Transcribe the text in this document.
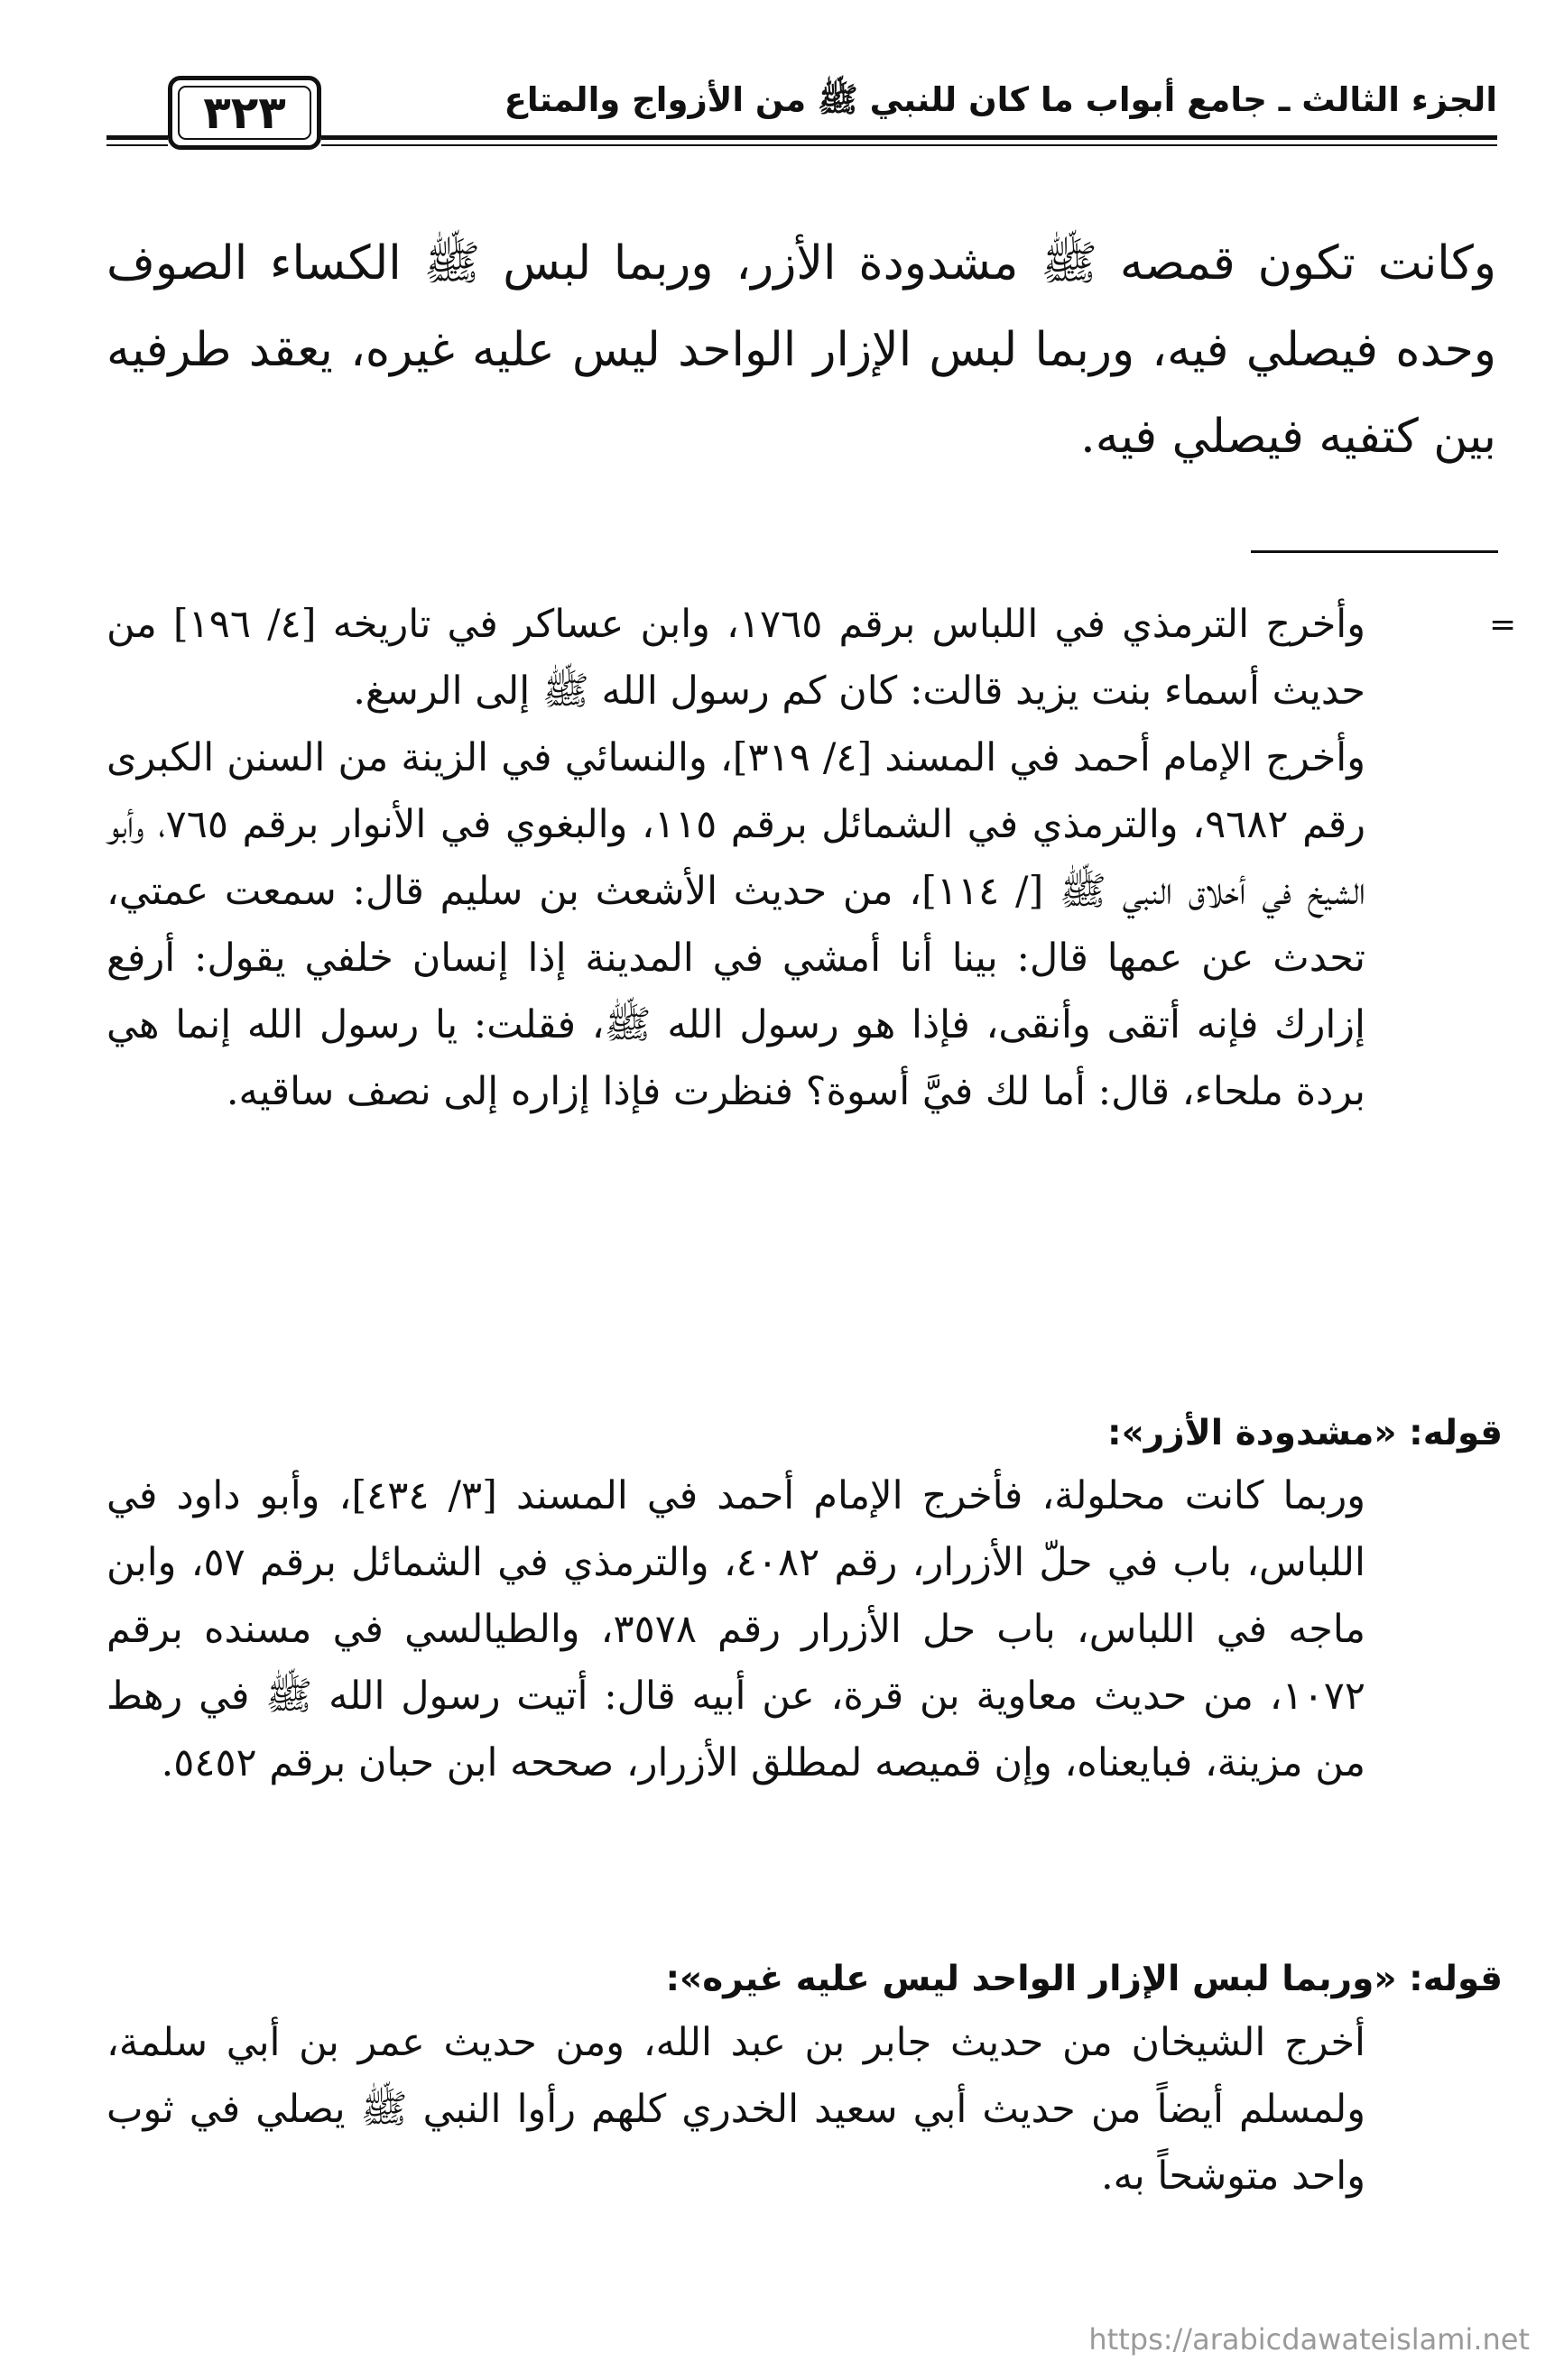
٣٢٣	الجزء الثالث ـ جامع أبواب ما كان للنبي ﷺ من الأزواج والمتاع
وكانت تكون قمصه ﷺ مشدودة الأزر، وربما لبس ﷺ الكساء الصوف وحده فيصلي فيه، وربما لبس الإزار الواحد ليس عليه غيره، يعقد طرفيه بين كتفيه فيصلي فيه.
=

وأخرج الترمذي في اللباس برقم ١٧٦٥، وابن عساكر في تاريخه [٤/ ١٩٦] من حديث أسماء بنت يزيد قالت: كان كم رسول الله ﷺ إلى الرسغ.

وأخرج الإمام أحمد في المسند [٤/ ٣١٩]، والنسائي في الزينة من السنن الكبرى رقم ٩٦٨٢، والترمذي في الشمائل برقم ١١٥، والبغوي في الأنوار برقم ٧٦٥، وأبو الشيخ في أخلاق النبي ﷺ [/ ١١٤]، من حديث الأشعث بن سليم قال: سمعت عمتي، تحدث عن عمها قال: بينا أنا أمشي في المدينة إذا إنسان خلفي يقول: أرفع إزارك فإنه أتقى وأنقى، فإذا هو رسول الله ﷺ، فقلت: يا رسول الله إنما هي بردة ملحاء، قال: أما لك فيَّ أسوة؟ فنظرت فإذا إزاره إلى نصف ساقيه.

قوله: «مشدودة الأزر»:

وربما كانت محلولة، فأخرج الإمام أحمد في المسند [٣/ ٤٣٤]، وأبو داود في اللباس، باب في حلّ الأزرار، رقم ٤٠٨٢، والترمذي في الشمائل برقم ٥٧، وابن ماجه في اللباس، باب حل الأزرار رقم ٣٥٧٨، والطيالسي في مسنده برقم ١٠٧٢، من حديث معاوية بن قرة، عن أبيه قال: أتيت رسول الله ﷺ في رهط من مزينة، فبايعناه، وإن قميصه لمطلق الأزرار، صححه ابن حبان برقم ٥٤٥٢.

قوله: «وربما لبس الإزار الواحد ليس عليه غيره»:

أخرج الشيخان من حديث جابر بن عبد الله، ومن حديث عمر بن أبي سلمة، ولمسلم أيضاً من حديث أبي سعيد الخدري كلهم رأوا النبي ﷺ يصلي في ثوب واحد متوشحاً به.

https://arabicdawateislami.net
